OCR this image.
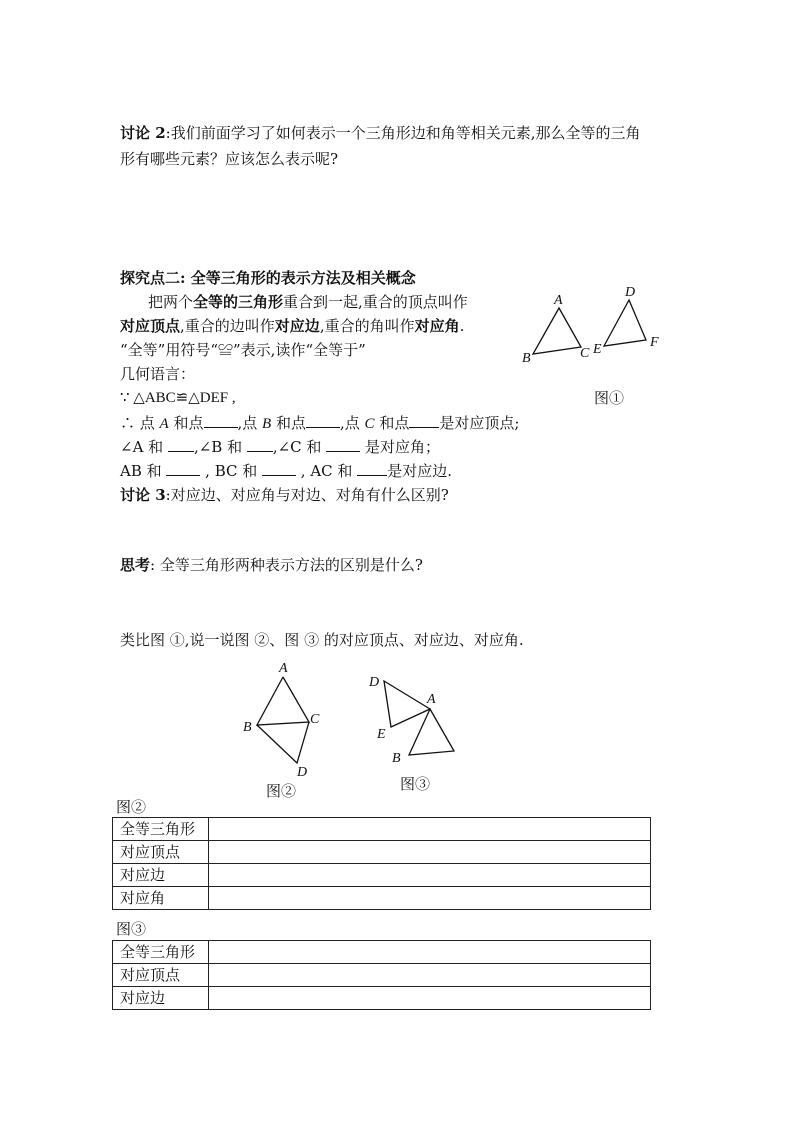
讨论 2:我们前面学习了如何表示一个三角形边和角等相关元素,那么全等的三角
形有哪些元素？应该怎么表示呢?
探究点二: 全等三角形的表示方法及相关概念
把两个全等的三角形重合到一起,重合的顶点叫作
对应顶点,重合的边叫作对应边,重合的角叫作对应角.
“全等”用符号“≌”表示,读作“全等于”
几何语言：
∵ △ABC≌△DEF ,
∴ 点 A 和点 ,点 B 和点 ,点 C 和点 是对应顶点;
∠A 和 ,∠B 和 ,∠C 和  是对应角；
AB 和  , BC 和  , AC 和 是对应边.
A
B	C
D
E	F
图①
讨论 3:对应边、对应角与对边、对角有什么区别?
思考: 全等三角形两种表示方法的区别是什么?
类比图 ①,说一说图 ②、图 ③ 的对应顶点、对应边、对应角.
A
B
C
D
图②
D
A
E
B
图③
图②
全等三角形	
对应顶点	
对应边	
对应角	
图③
全等三角形	
对应顶点	
对应边	
